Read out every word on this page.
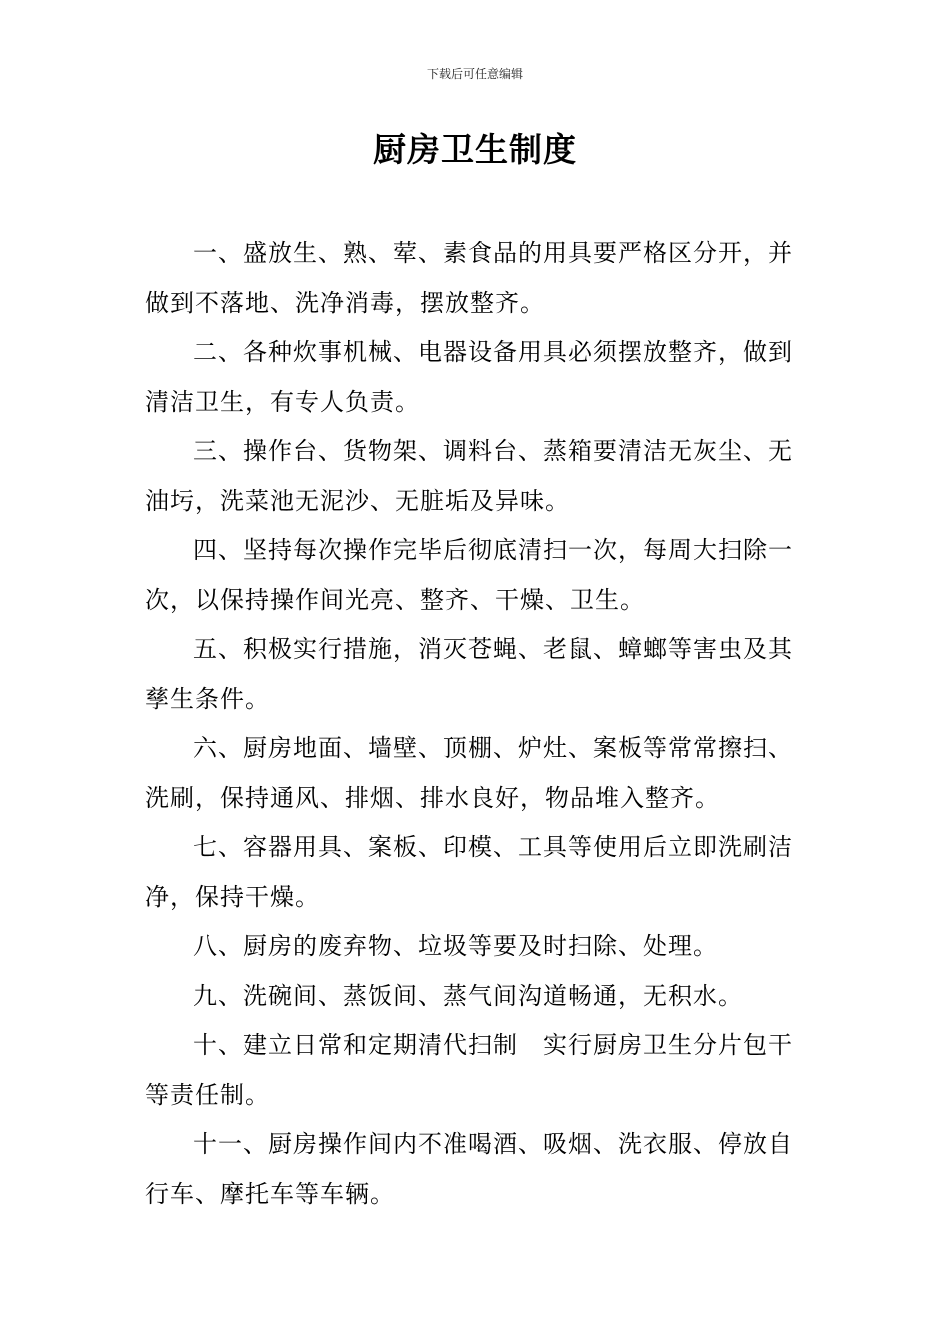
下载后可任意编辑
厨房卫生制度

一、盛放生、熟、荤、素食品的用具要严格区分开，并做到不落地、洗净消毒，摆放整齐。

二、各种炊事机械、电器设备用具必须摆放整齐，做到清洁卫生，有专人负责。

三、操作台、货物架、调料台、蒸箱要清洁无灰尘、无油圬，洗菜池无泥沙、无脏垢及异味。

四、坚持每次操作完毕后彻底清扫一次，每周大扫除一次，以保持操作间光亮、整齐、干燥、卫生。

五、积极实行措施，消灭苍蝇、老鼠、蟑螂等害虫及其孳生条件。

六、厨房地面、墙壁、顶棚、炉灶、案板等常常擦扫、洗刷，保持通风、排烟、排水良好，物品堆入整齐。

七、容器用具、案板、印模、工具等使用后立即洗刷洁净，保持干燥。

八、厨房的废弃物、垃圾等要及时扫除、处理。

九、洗碗间、蒸饭间、蒸气间沟道畅通，无积水。

十、建立日常和定期清代扫制　实行厨房卫生分片包干等责任制。

十一、厨房操作间内不准喝酒、吸烟、洗衣服、停放自行车、摩托车等车辆。
